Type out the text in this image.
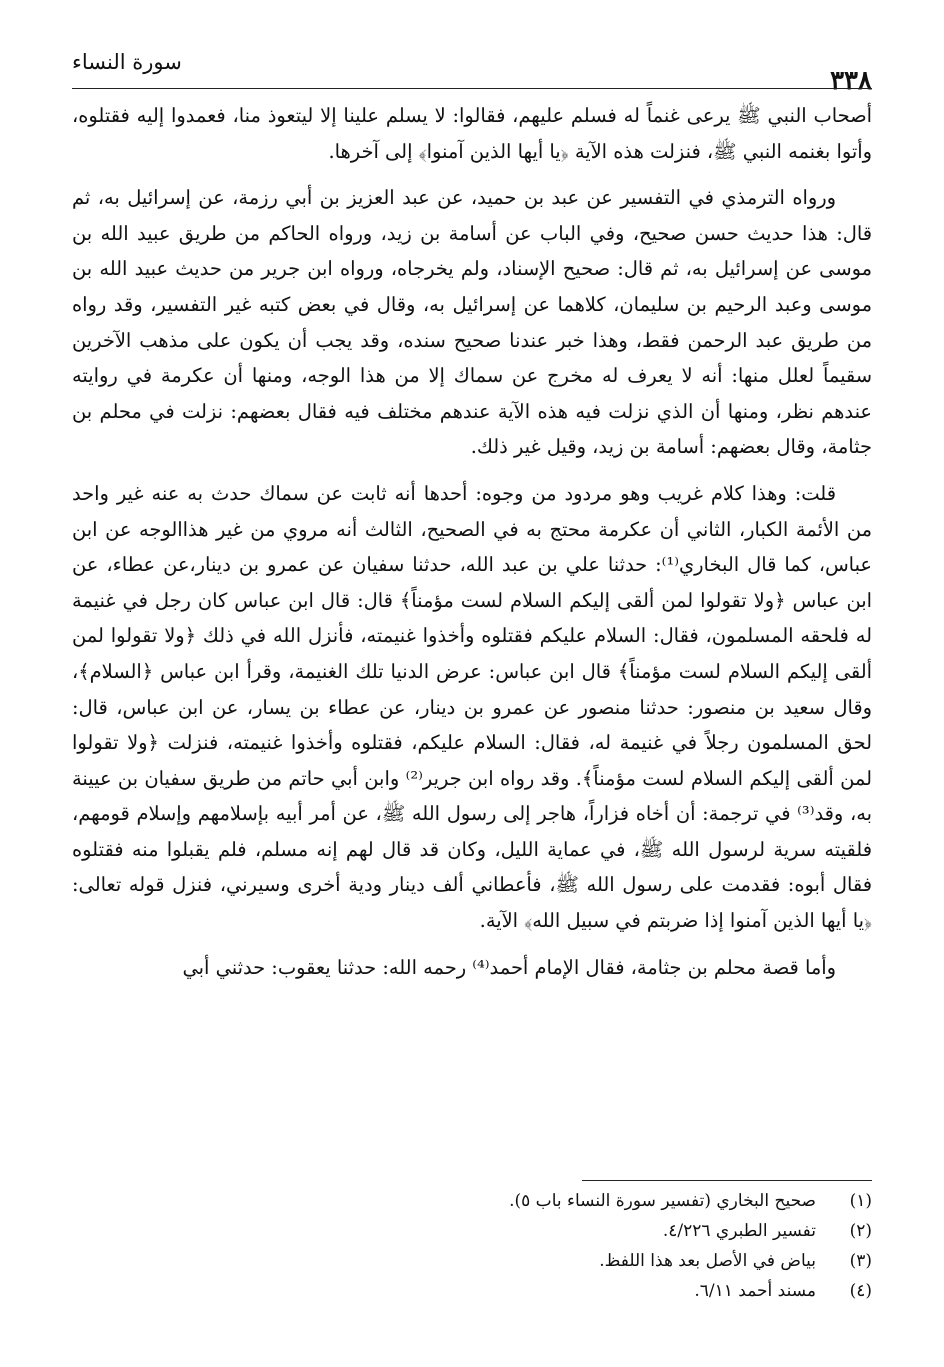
سورة النساء
٣٣٨

أصحاب النبي ﷺ يرعى غنماً له فسلم عليهم، فقالوا: لا يسلم علينا إلا ليتعوذ منا، فعمدوا إليه فقتلوه، وأتوا بغنمه النبي ﷺ، فنزلت هذه الآية ﴿يا أيها الذين آمنوا﴾ إلى آخرها.

ورواه الترمذي في التفسير عن عبد بن حميد، عن عبد العزيز بن أبي رزمة، عن إسرائيل به، ثم قال: هذا حديث حسن صحيح، وفي الباب عن أسامة بن زيد، ورواه الحاكم من طريق عبيد الله بن موسى عن إسرائيل به، ثم قال: صحيح الإسناد، ولم يخرجاه، ورواه ابن جرير من حديث عبيد الله بن موسى وعبد الرحيم بن سليمان، كلاهما عن إسرائيل به، وقال في بعض كتبه غير التفسير، وقد رواه من طريق عبد الرحمن فقط، وهذا خبر عندنا صحيح سنده، وقد يجب أن يكون على مذهب الآخرين سقيماً لعلل منها: أنه لا يعرف له مخرج عن سماك إلا من هذا الوجه، ومنها أن عكرمة في روايته عندهم نظر، ومنها أن الذي نزلت فيه هذه الآية عندهم مختلف فيه فقال بعضهم: نزلت في محلم بن جثامة، وقال بعضهم: أسامة بن زيد، وقيل غير ذلك.

قلت: وهذا كلام غريب وهو مردود من وجوه: أحدها أنه ثابت عن سماك حدث به عنه غير واحد من الأئمة الكبار، الثاني أن عكرمة محتج به في الصحيح، الثالث أنه مروي من غير هذاالوجه عن ابن عباس، كما قال البخاري⁽¹⁾: حدثنا علي بن عبد الله، حدثنا سفيان عن عمرو بن دينار،عن عطاء، عن ابن عباس ﴿ولا تقولوا لمن ألقى إليكم السلام لست مؤمناً﴾ قال: قال ابن عباس كان رجل في غنيمة له فلحقه المسلمون، فقال: السلام عليكم فقتلوه وأخذوا غنيمته، فأنزل الله في ذلك ﴿ولا تقولوا لمن ألقى إليكم السلام لست مؤمناً﴾ قال ابن عباس: عرض الدنيا تلك الغنيمة، وقرأ ابن عباس ﴿السلام﴾، وقال سعيد بن منصور: حدثنا منصور عن عمرو بن دينار، عن عطاء بن يسار، عن ابن عباس، قال: لحق المسلمون رجلاً في غنيمة له، فقال: السلام عليكم، فقتلوه وأخذوا غنيمته، فنزلت ﴿ولا تقولوا لمن ألقى إليكم السلام لست مؤمناً﴾. وقد رواه ابن جرير⁽²⁾ وابن أبي حاتم من طريق سفيان بن عيينة به، وقد⁽³⁾ في ترجمة: أن أخاه فزاراً، هاجر إلى رسول الله ﷺ، عن أمر أبيه بإسلامهم وإسلام قومهم، فلقيته سرية لرسول الله ﷺ، في عماية الليل، وكان قد قال لهم إنه مسلم، فلم يقبلوا منه فقتلوه فقال أبوه: فقدمت على رسول الله ﷺ، فأعطاني ألف دينار ودية أخرى وسيرني، فنزل قوله تعالى: ﴿يا أيها الذين آمنوا إذا ضربتم في سبيل الله﴾ الآية.

وأما قصة محلم بن جثامة، فقال الإمام أحمد⁽⁴⁾ رحمه الله: حدثنا يعقوب: حدثني أبي

(١)
صحيح البخاري (تفسير سورة النساء باب ٥).
(٢)
تفسير الطبري ٤/٢٢٦.
(٣)
بياض في الأصل بعد هذا اللفظ.
(٤)
مسند أحمد ٦/١١.
